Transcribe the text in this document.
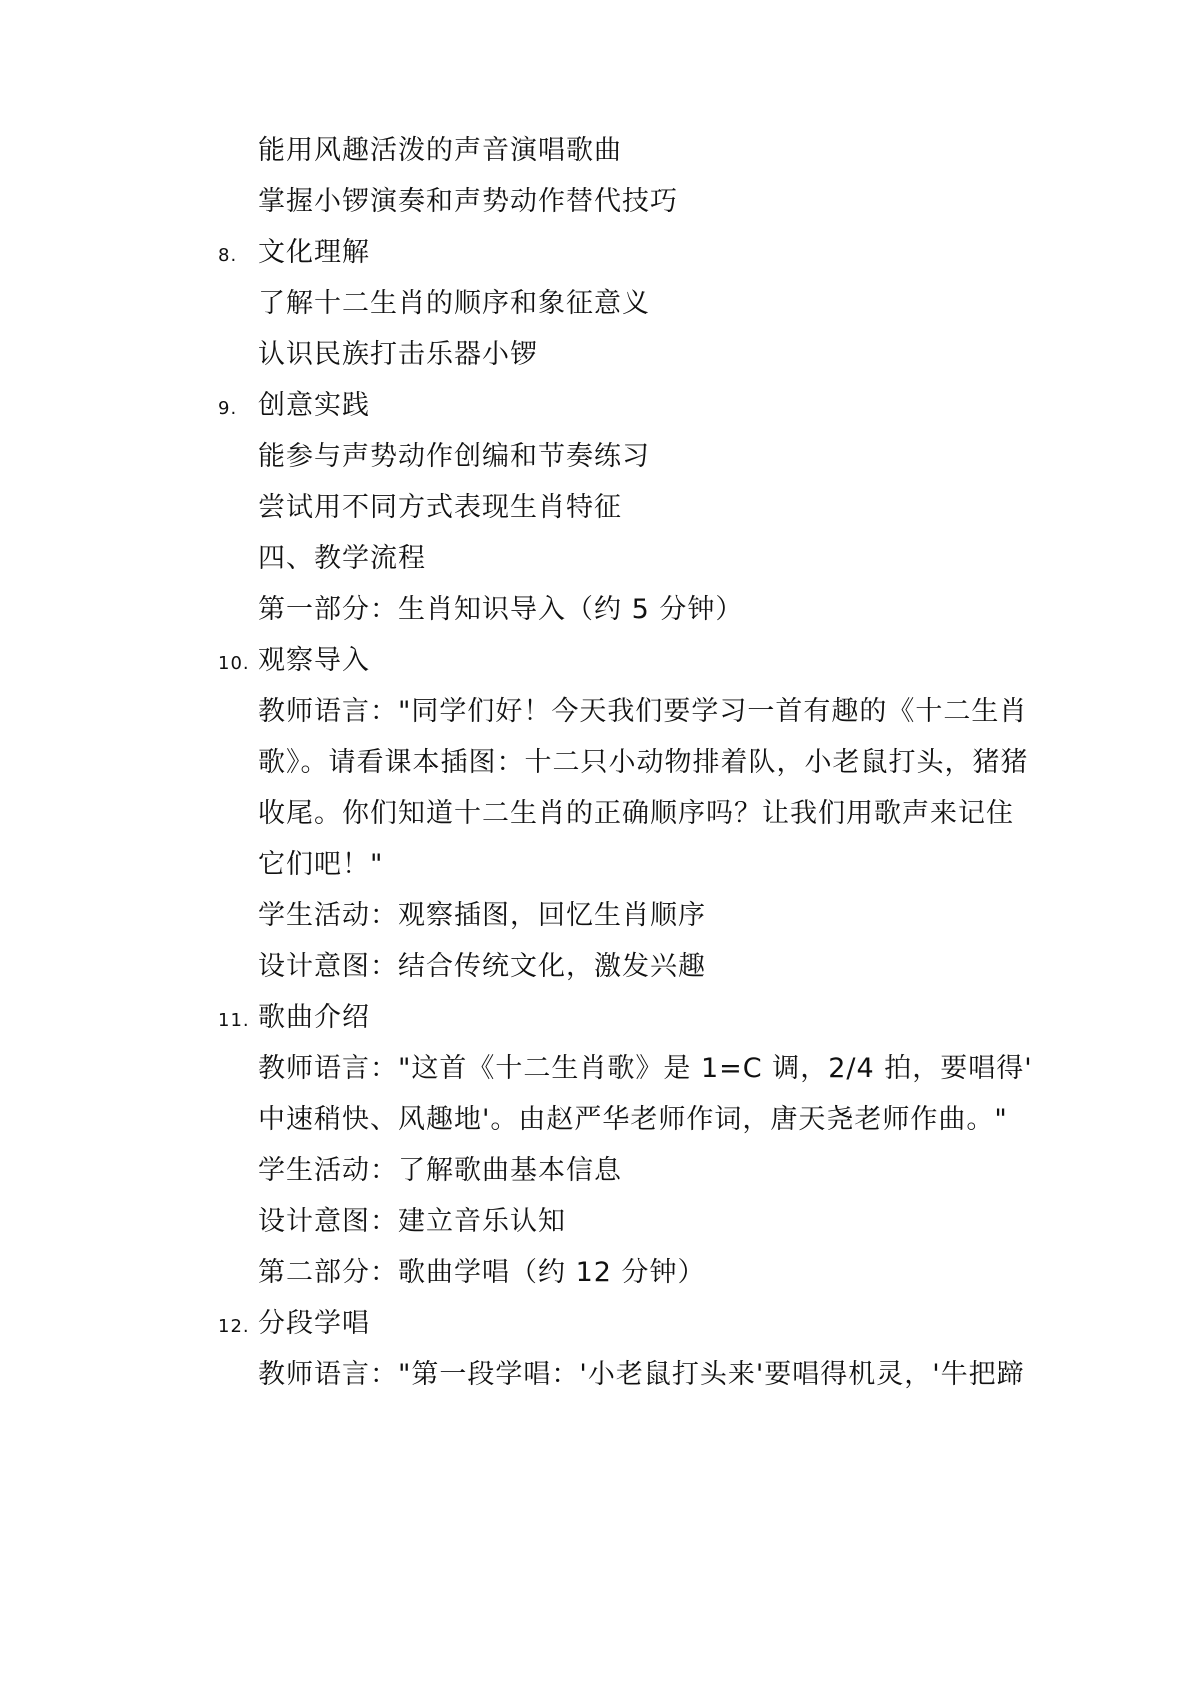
能用风趣活泼的声音演唱歌曲
掌握小锣演奏和声势动作替代技巧
8. 文化理解
了解十二生肖的顺序和象征意义
认识民族打击乐器小锣
9. 创意实践
能参与声势动作创编和节奏练习
尝试用不同方式表现生肖特征
四、教学流程
第一部分：生肖知识导入（约 5 分钟）
10. 观察导入
教师语言："同学们好！今天我们要学习一首有趣的《十二生肖
歌》。请看课本插图：十二只小动物排着队，小老鼠打头，猪猪
收尾。你们知道十二生肖的正确顺序吗？让我们用歌声来记住
它们吧！"
学生活动：观察插图，回忆生肖顺序
设计意图：结合传统文化，激发兴趣
11. 歌曲介绍
教师语言："这首《十二生肖歌》是 1=C 调，2/4 拍，要唱得'
中速稍快、风趣地'。由赵严华老师作词，唐天尧老师作曲。"
学生活动：了解歌曲基本信息
设计意图：建立音乐认知
第二部分：歌曲学唱（约 12 分钟）
12. 分段学唱
教师语言："第一段学唱：'小老鼠打头来'要唱得机灵，'牛把蹄
